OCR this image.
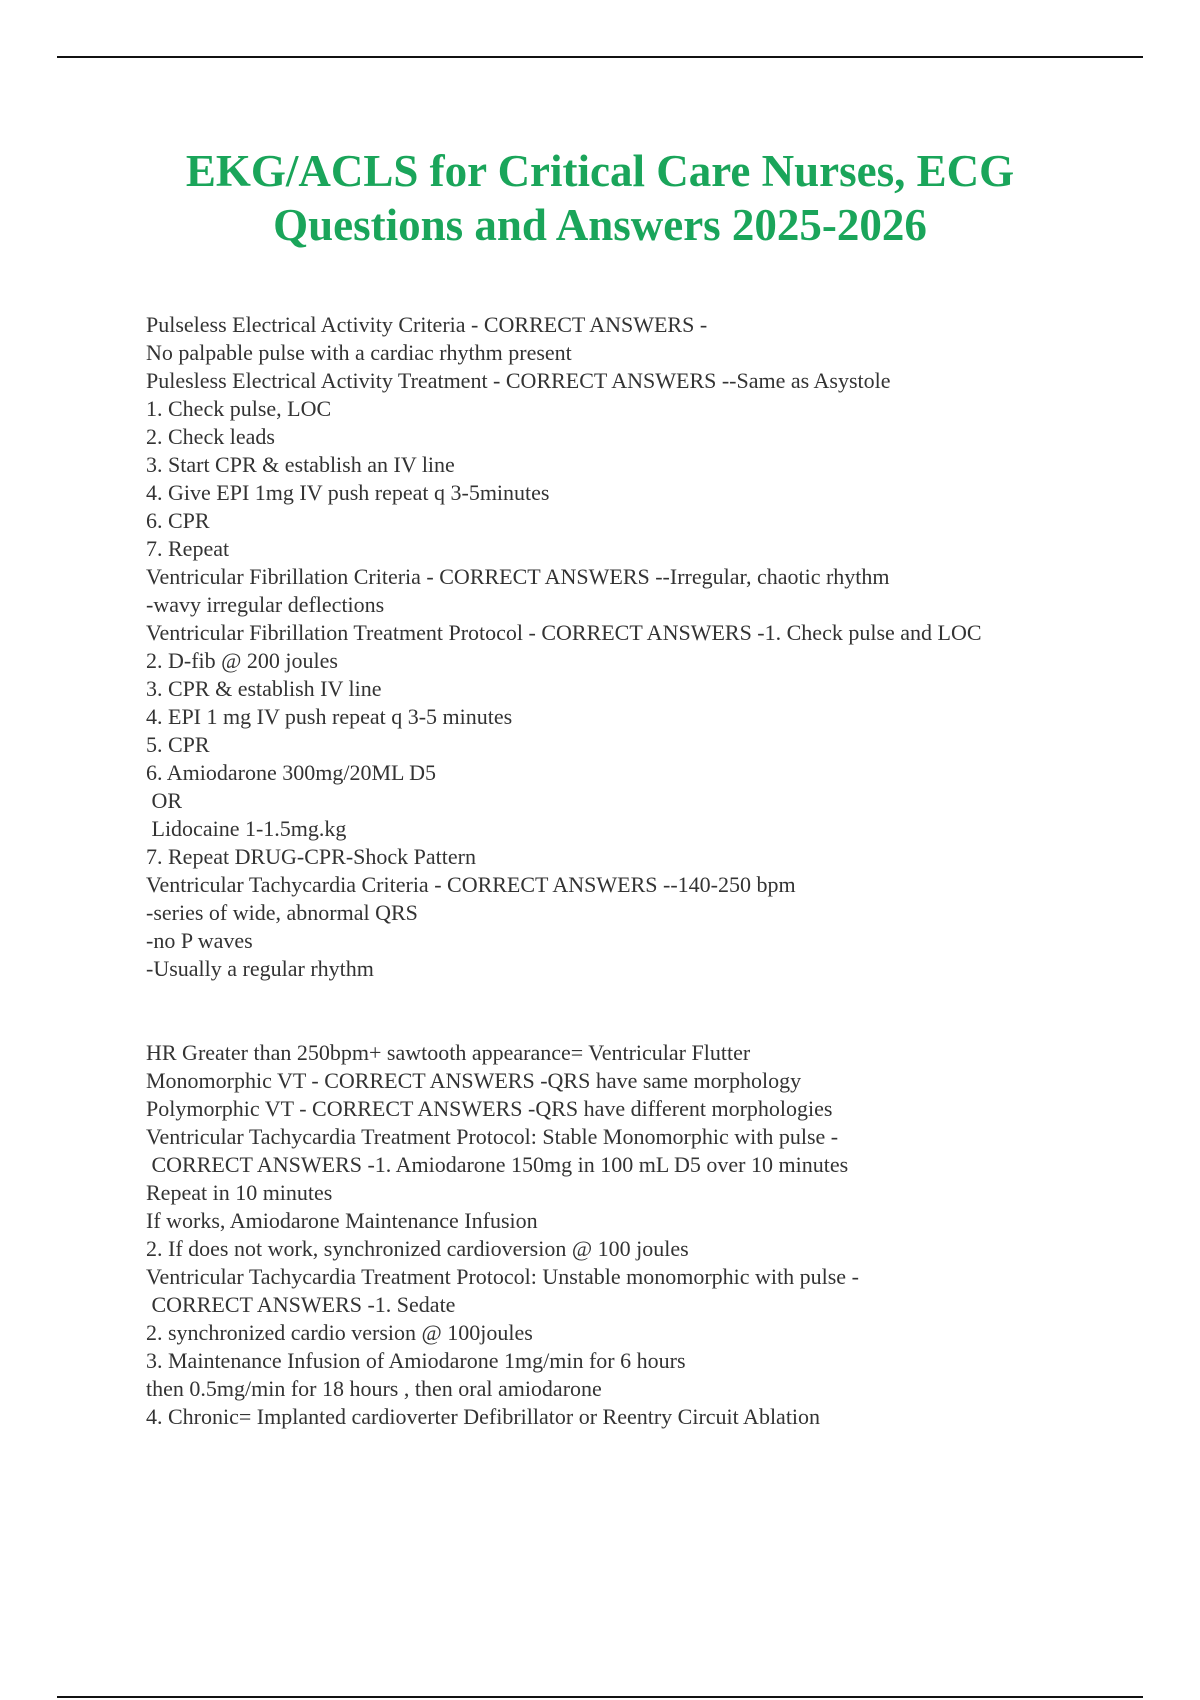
EKG/ACLS for Critical Care Nurses, ECG
Questions and Answers 2025-2026
Pulseless Electrical Activity Criteria - CORRECT ANSWERS -
No palpable pulse with a cardiac rhythm present
Pulesless Electrical Activity Treatment - CORRECT ANSWERS --Same as Asystole
1. Check pulse, LOC
2. Check leads
3. Start CPR & establish an IV line
4. Give EPI 1mg IV push repeat q 3-5minutes
6. CPR
7. Repeat
Ventricular Fibrillation Criteria - CORRECT ANSWERS --Irregular, chaotic rhythm
-wavy irregular deflections
Ventricular Fibrillation Treatment Protocol - CORRECT ANSWERS -1. Check pulse and LOC
2. D-fib @ 200 joules
3. CPR & establish IV line
4. EPI 1 mg IV push repeat q 3-5 minutes
5. CPR
6. Amiodarone 300mg/20ML D5
OR
Lidocaine 1-1.5mg.kg
7. Repeat DRUG-CPR-Shock Pattern
Ventricular Tachycardia Criteria - CORRECT ANSWERS --140-250 bpm
-series of wide, abnormal QRS
-no P waves
-Usually a regular rhythm
HR Greater than 250bpm+ sawtooth appearance= Ventricular Flutter
Monomorphic VT - CORRECT ANSWERS -QRS have same morphology
Polymorphic VT - CORRECT ANSWERS -QRS have different morphologies
Ventricular Tachycardia Treatment Protocol: Stable Monomorphic with pulse -
CORRECT ANSWERS -1. Amiodarone 150mg in 100 mL D5 over 10 minutes
Repeat in 10 minutes
If works, Amiodarone Maintenance Infusion
2. If does not work, synchronized cardioversion @ 100 joules
Ventricular Tachycardia Treatment Protocol: Unstable monomorphic with pulse -
CORRECT ANSWERS -1. Sedate
2. synchronized cardio version @ 100joules
3. Maintenance Infusion of Amiodarone 1mg/min for 6 hours
then 0.5mg/min for 18 hours , then oral amiodarone
4. Chronic= Implanted cardioverter Defibrillator or Reentry Circuit Ablation
